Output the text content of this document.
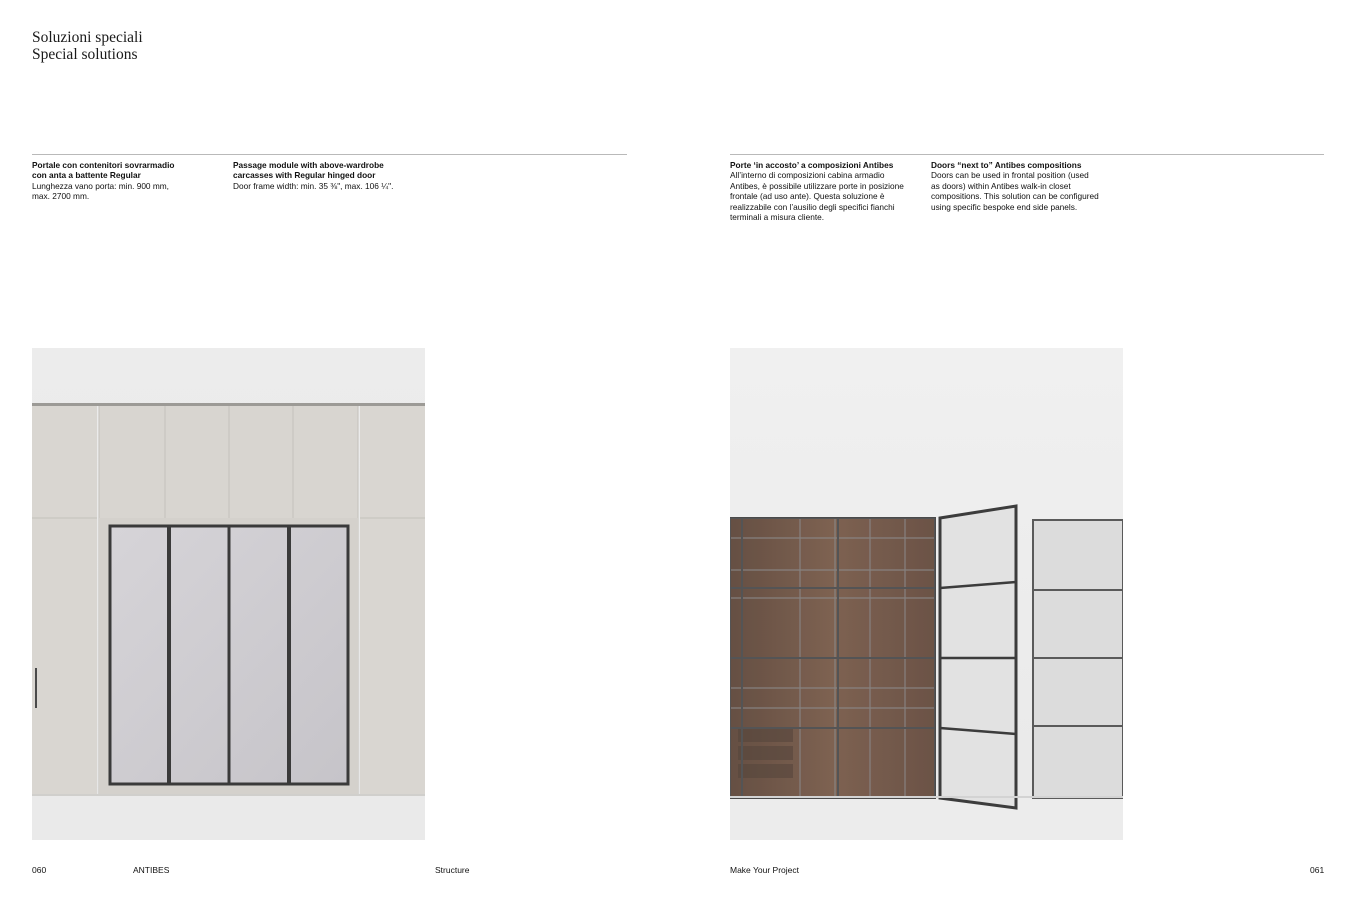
Soluzioni speciali
Special solutions
Portale con contenitori sovrarmadio
con anta a battente Regular
Lunghezza vano porta: min. 900 mm,
max. 2700 mm.
Passage module with above-wardrobe
carcasses with Regular hinged door
Door frame width: min. 35 ⅜", max. 106 ¼".
Porte ‘in accosto’ a composizioni Antibes
All’interno di composizioni cabina armadio
Antibes, è possibile utilizzare porte in posizione
frontale (ad uso ante). Questa soluzione è
realizzabile con l’ausilio degli specifici fianchi
terminali a misura cliente.
Doors “next to” Antibes compositions
Doors can be used in frontal position (used
as doors) within Antibes walk-in closet
compositions. This solution can be configured
using specific bespoke end side panels.
060	ANTIBES	Structure	Make Your Project	061
